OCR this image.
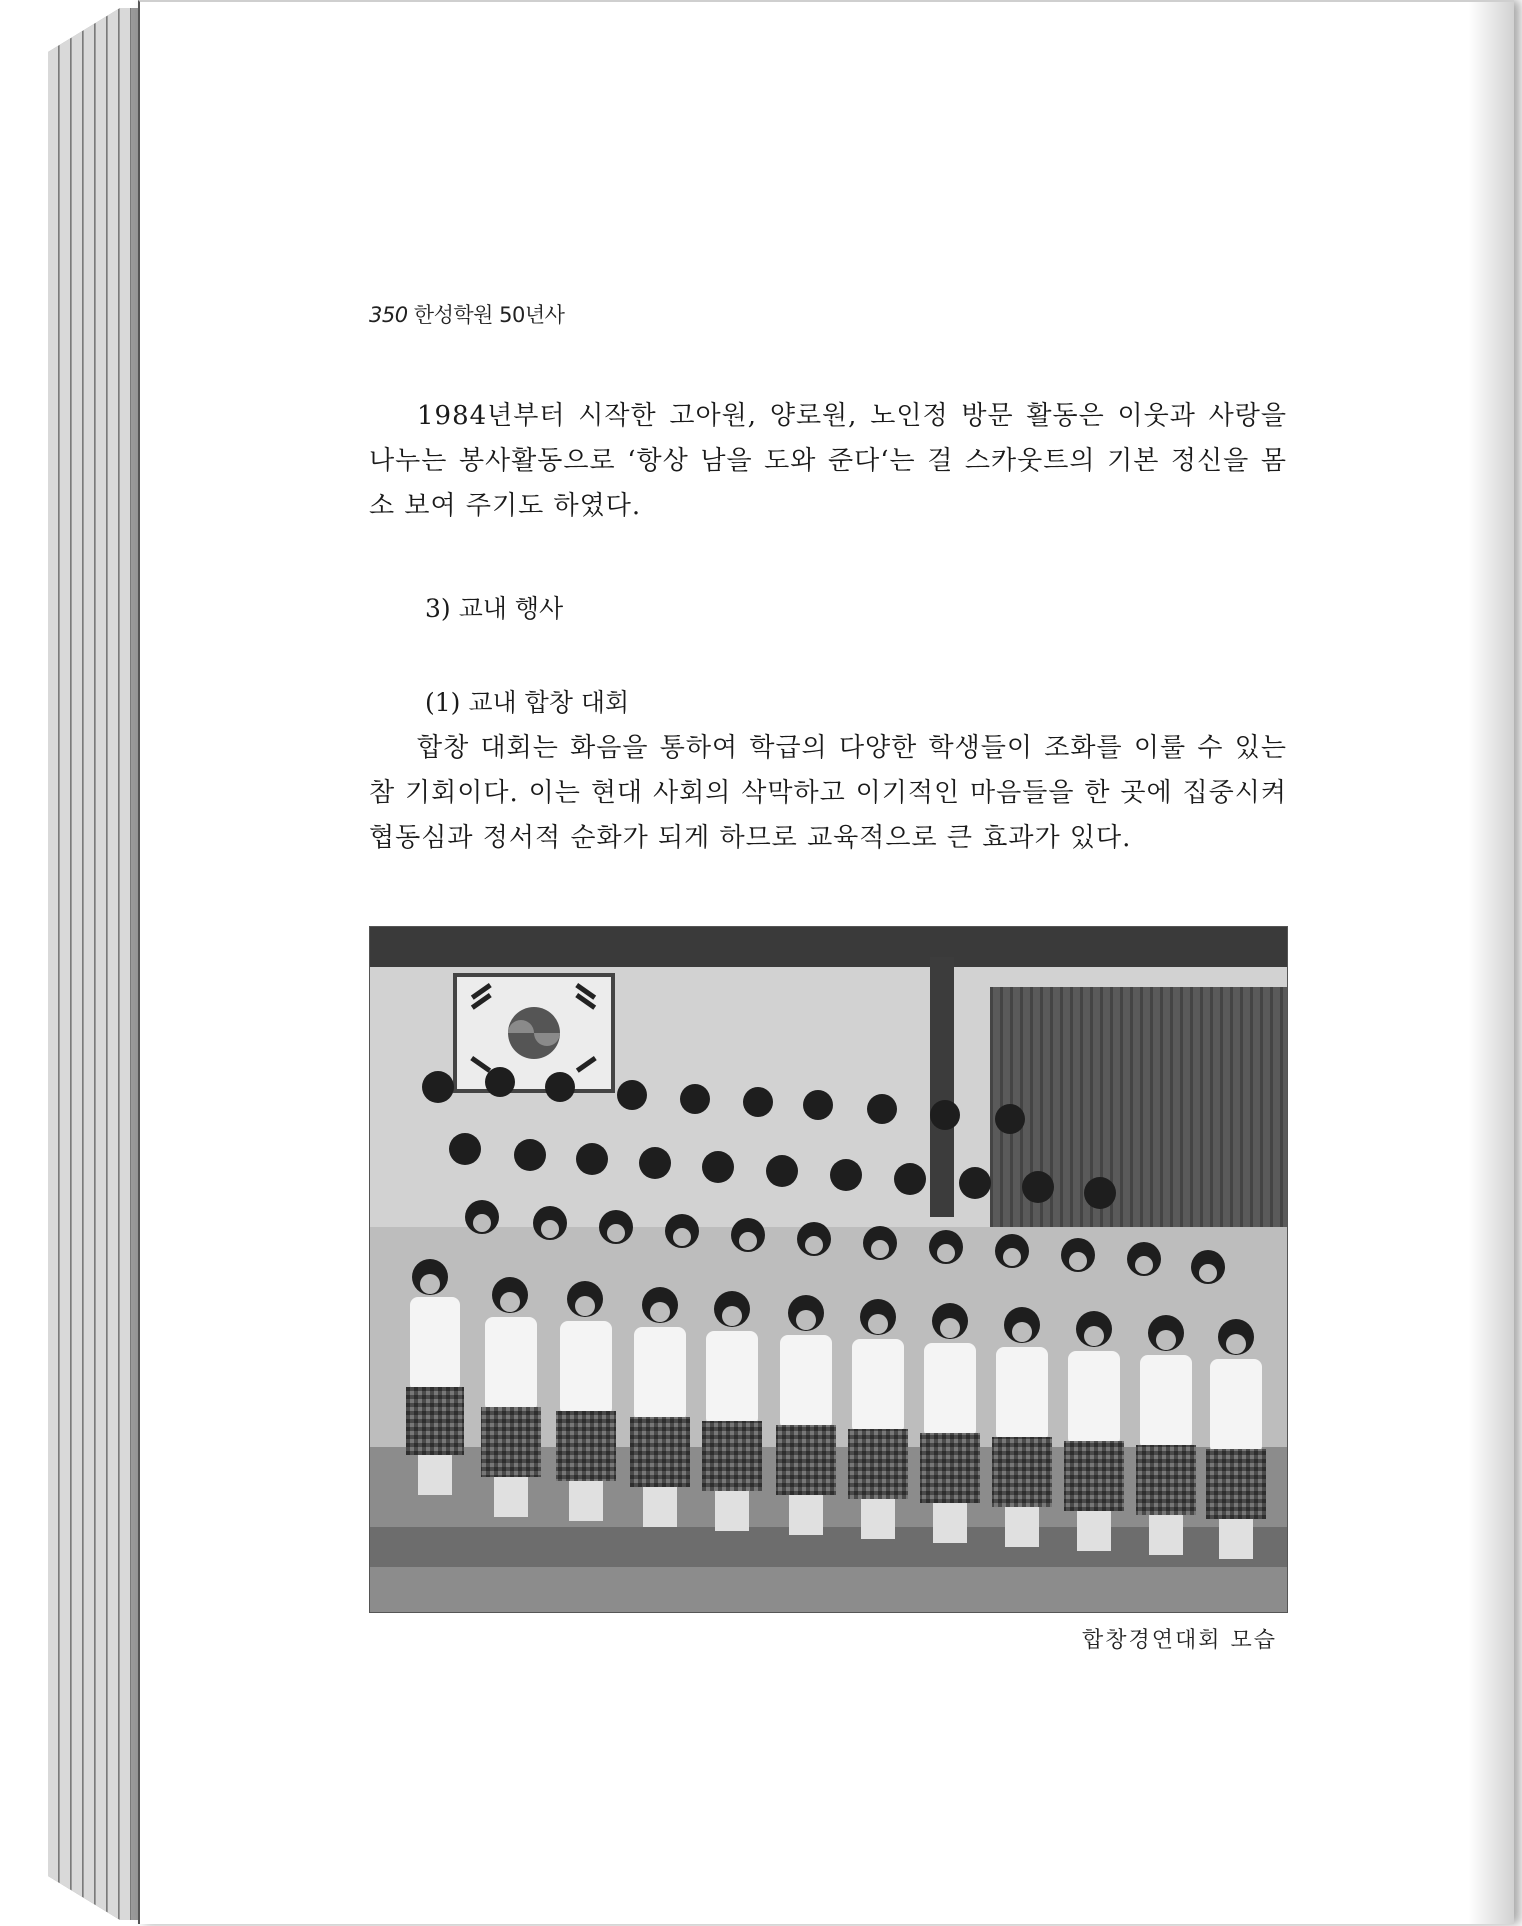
350 한성학원 50년사
1984년부터 시작한 고아원, 양로원, 노인정 방문 활동은 이웃과 사랑을 나누는 봉사활동으로 ‘항상 남을 도와 준다‘는 걸 스카웃트의 기본 정신을 몸소 보여 주기도 하였다.
3) 교내 행사
(1) 교내 합창 대회
합창 대회는 화음을 통하여 학급의 다양한 학생들이 조화를 이룰 수 있는 참 기회이다. 이는 현대 사회의 삭막하고 이기적인 마음들을 한 곳에 집중시켜 협동심과 정서적 순화가 되게 하므로 교육적으로 큰 효과가 있다.
합창경연대회 모습
